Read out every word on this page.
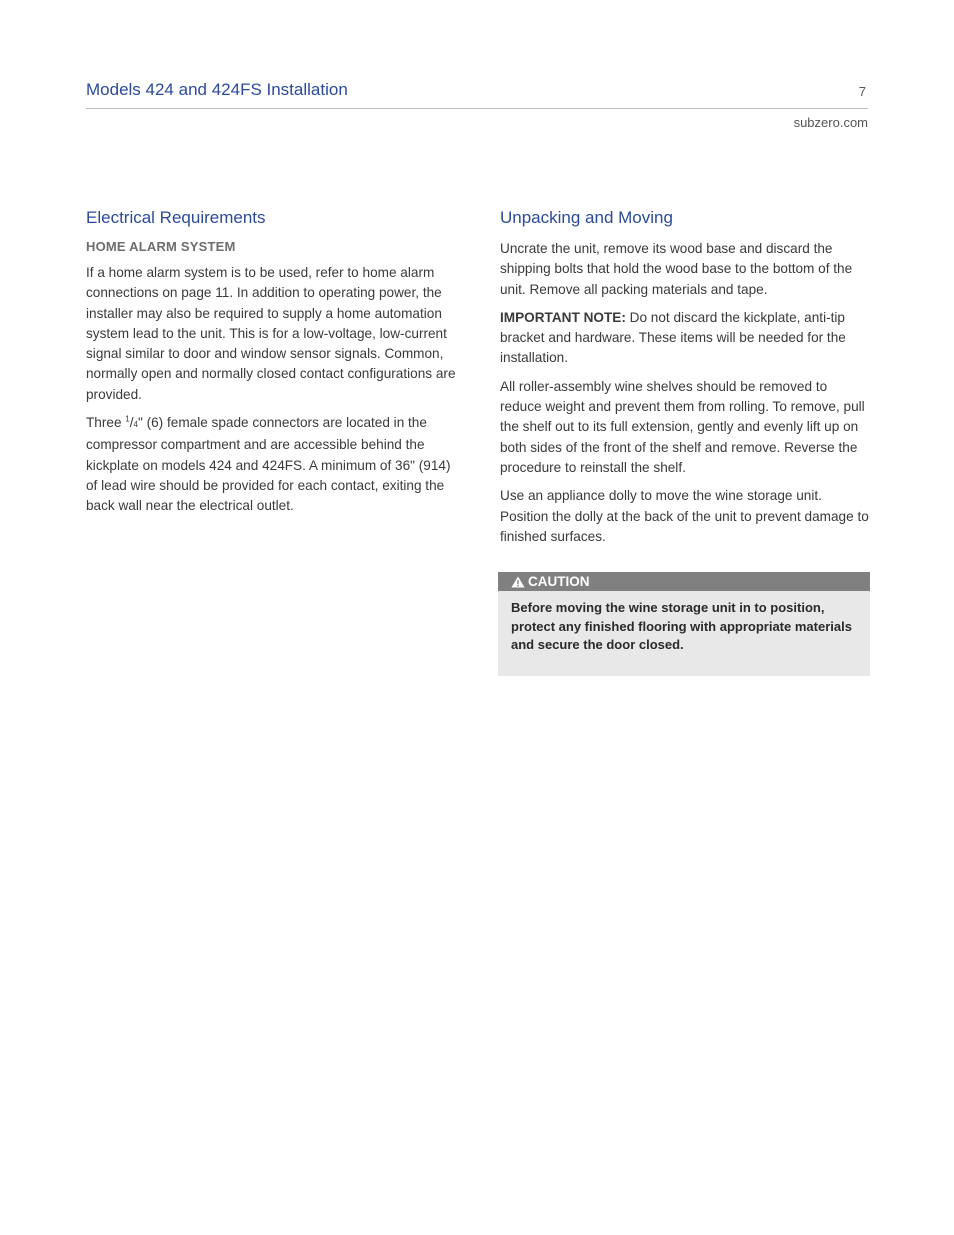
Models 424 and 424FS Installation	7
subzero.com
Electrical Requirements
HOME ALARM SYSTEM

If a home alarm system is to be used, refer to home alarm connections on page 11. In addition to operating power, the installer may also be required to supply a home automation system lead to the unit. This is for a low-voltage, low-current signal similar to door and window sensor signals. Common, normally open and normally closed contact configurations are provided.

Three $^1$/4" (6) female spade connectors are located in the compressor compartment and are accessible behind the kickplate on models 424 and 424FS. A minimum of 36" (914) of lead wire should be provided for each contact, exiting the back wall near the electrical outlet.

Unpacking and Moving

Uncrate the unit, remove its wood base and discard the shipping bolts that hold the wood base to the bottom of the unit. Remove all packing materials and tape.

IMPORTANT NOTE: Do not discard the kickplate, anti-tip bracket and hardware. These items will be needed for the installation.

All roller-assembly wine shelves should be removed to reduce weight and prevent them from rolling. To remove, pull the shelf out to its full extension, gently and evenly lift up on both sides of the front of the shelf and remove. Reverse the procedure to reinstall the shelf.

Use an appliance dolly to move the wine storage unit. Position the dolly at the back of the unit to prevent damage to finished surfaces.

CAUTION
Before moving the wine storage unit in to position, protect any finished flooring with appropriate materials and secure the door closed.
